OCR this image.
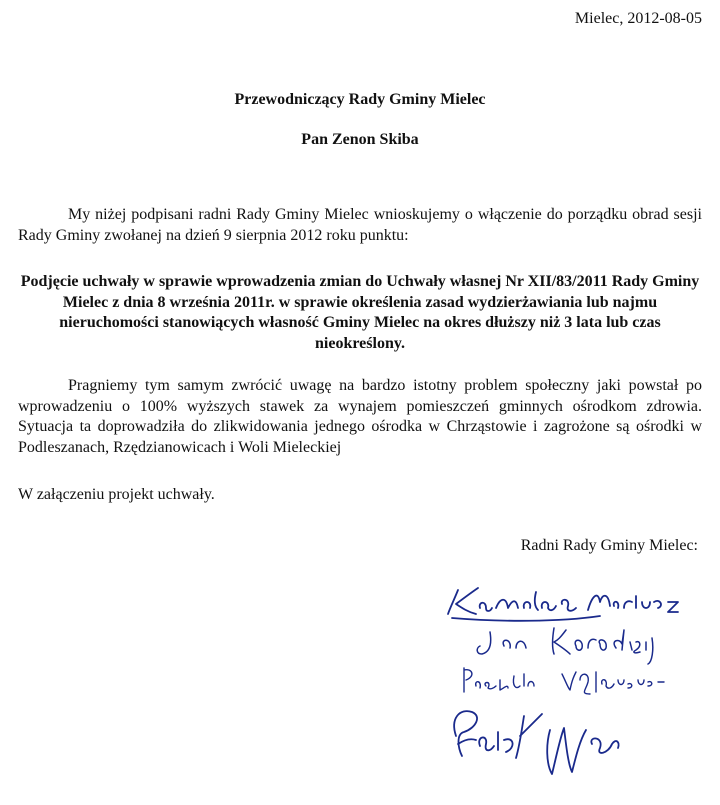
Mielec, 2012-08-05
Przewodniczący Rady Gminy Mielec
Pan Zenon Skiba

My niżej podpisani radni Rady Gminy Mielec wnioskujemy o włączenie do porządku obrad sesji Rady Gminy zwołanej na dzień 9 sierpnia 2012 roku punktu:

Podjęcie uchwały w sprawie wprowadzenia zmian do Uchwały własnej Nr XII/83/2011 Rady Gminy Mielec z dnia 8 września 2011r. w sprawie określenia zasad wydzierżawiania lub najmu nieruchomości stanowiących własność Gminy Mielec na okres dłuższy niż 3 lata lub czas nieokreślony.

Pragniemy tym samym zwrócić uwagę na bardzo istotny problem społeczny jaki powstał po wprowadzeniu o 100% wyższych stawek za wynajem pomieszczeń gminnych ośrodkom zdrowia. Sytuacja ta doprowadziła do zlikwidowania jednego ośrodka w Chrząstowie i zagrożone są ośrodki w Podleszanach, Rzędzianowicach i Woli Mieleckiej

W załączeniu projekt uchwały.

Radni Rady Gminy Mielec:
